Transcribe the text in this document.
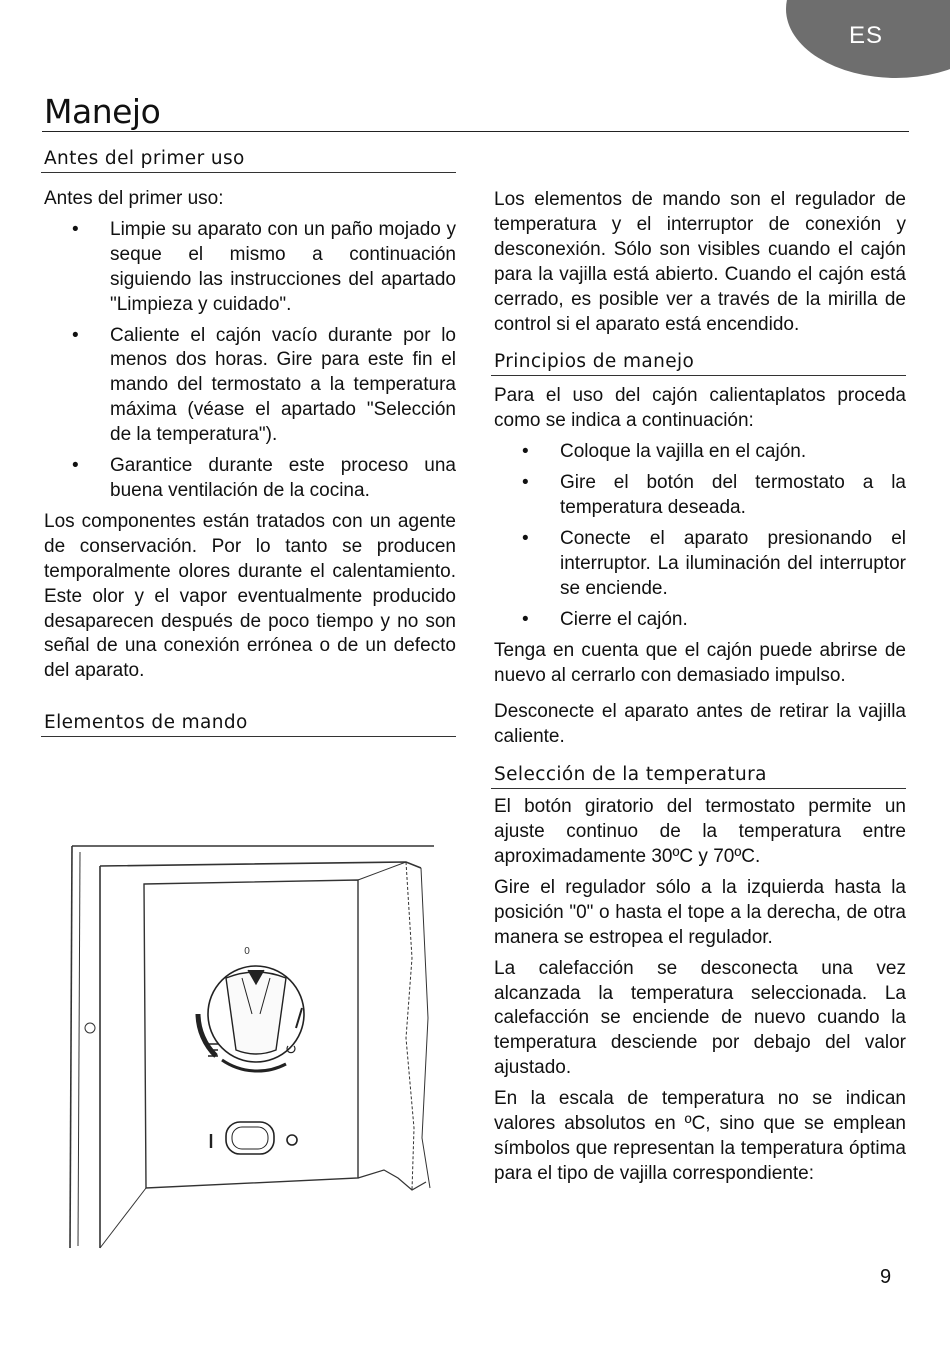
ES
Manejo
Antes del primer uso

Antes del primer uso:

• Limpie su aparato con un paño mojado y seque el mismo a continuación siguiendo las instrucciones del apartado "Limpieza y cuidado".
• Caliente el cajón vacío durante por lo menos dos horas. Gire para este fin el mando del termostato a la temperatura máxima (véase el apartado "Selección de la temperatura").
• Garantice durante este proceso una buena ventilación de la cocina.

Los componentes están tratados con un agente de conservación. Por lo tanto se producen temporalmente olores durante el calentamiento. Este olor y el vapor eventualmente producido desaparecen después de poco tiempo y no son señal de una conexión errónea o de un defecto del aparato.

Elementos de mando
0

Los elementos de mando son el regulador de temperatura y el interruptor de conexión y desconexión. Sólo son visibles cuando el cajón para la vajilla está abierto. Cuando el cajón está cerrado, es posible ver a través de la mirilla de control si el aparato está encendido.

Principios de manejo

Para el uso del cajón calientaplatos proceda como se indica a continuación:

• Coloque la vajilla en el cajón.
• Gire el botón del termostato a la temperatura deseada.
• Conecte el aparato presionando el interruptor. La iluminación del interruptor se enciende.
• Cierre el cajón.

Tenga en cuenta que el cajón puede abrirse de nuevo al cerrarlo con demasiado impulso.

Desconecte el aparato antes de retirar la vajilla caliente.

Selección de la temperatura

El botón giratorio del termostato permite un ajuste continuo de la temperatura entre aproximadamente 30ºC y 70ºC.

Gire el regulador sólo a la izquierda hasta la posición "0" o hasta el tope a la derecha, de otra manera se estropea el regulador.

La calefacción se desconecta una vez alcanzada la temperatura seleccionada. La calefacción se enciende de nuevo cuando la temperatura desciende por debajo del valor ajustado.

En la escala de temperatura no se indican valores absolutos en ºC, sino que se emplean símbolos que representan la temperatura óptima para el tipo de vajilla correspondiente:

9
